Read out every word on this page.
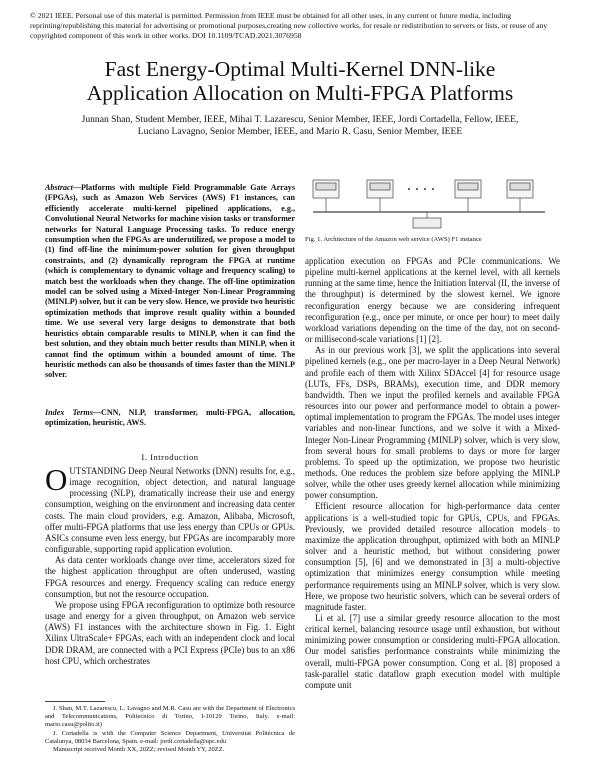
© 2021 IEEE. Personal use of this material is permitted. Permission from IEEE must be obtained for all other uses, in any current or future media, including reprinting/republishing this material for advertising or promotional purposes,creating new collective works, for resale or redistribution to servers or lists, or reuse of any copyrighted component of this work in other works. DOI 10.1109/TCAD.2021.3076958
Fast Energy-Optimal Multi-Kernel DNN-like
Application Allocation on Multi-FPGA Platforms
Junnan Shan, Student Member, IEEE, Mihai T. Lazarescu, Senior Member, IEEE, Jordi Cortadella, Fellow, IEEE,
Luciano Lavagno, Senior Member, IEEE, and Mario R. Casu, Senior Member, IEEE
Abstract—Platforms with multiple Field Programmable Gate Arrays (FPGAs), such as Amazon Web Services (AWS) F1 instances, can efficiently accelerate multi-kernel pipelined applications, e.g., Convolutional Neural Networks for machine vision tasks or transformer networks for Natural Language Processing tasks. To reduce energy consumption when the FPGAs are underutilized, we propose a model to (1) find off-line the minimum-power solution for given throughput constraints, and (2) dynamically reprogram the FPGA at runtime (which is complementary to dynamic voltage and frequency scaling) to match best the workloads when they change. The off-line optimization model can be solved using a Mixed-Integer Non-Linear Programming (MINLP) solver, but it can be very slow. Hence, we provide two heuristic optimization methods that improve result quality within a bounded time. We use several very large designs to demonstrate that both heuristics obtain comparable results to MINLP, when it can find the best solution, and they obtain much better results than MINLP, when it cannot find the optimum within a bounded amount of time. The heuristic methods can also be thousands of times faster than the MINLP solver.
Index Terms—CNN, NLP, transformer, multi-FPGA, allocation, optimization, heuristic, AWS.
I. Introduction

OUTSTANDING Deep Neural Networks (DNN) results for, e.g., image recognition, object detection, and natural language processing (NLP), dramatically increase their use and energy consumption, weighing on the environment and increasing data center costs. The main cloud providers, e.g. Amazon, Alibaba, Microsoft, offer multi-FPGA platforms that use less energy than CPUs or GPUs. ASICs consume even less energy, but FPGAs are incomparably more configurable, supporting rapid application evolution.

As data center workloads change over time, accelerators sized for the highest application throughput are often underused, wasting FPGA resources and energy. Frequency scaling can reduce energy consumption, but not the resource occupation.

We propose using FPGA reconfiguration to optimize both resource usage and energy for a given throughput, on Amazon web service (AWS) F1 instances with the architecture shown in Fig. 1. Eight Xilinx UltraScale+ FPGAs, each with an independent clock and local DDR DRAM, are connected with a PCI Express (PCIe) bus to an x86 host CPU, which orchestrates

J. Shan, M.T. Lazarescu, L. Lavagno and M.R. Casu are with the Department of Electronics and Telecommunications, Politecnico di Torino, I-10129 Torino, Italy. e-mail: mario.casu@polito.it)

J. Cortadella is with the Computer Science Department, Universitat Politècnica de Catalunya, 08034 Barcelona, Spain. e-mail: jordi.cortadella@upc.edu

Manuscript received Month XX, 20ZZ; revised Month YY, 20ZZ.

Fig. 1. Architecture of the Amazon web service (AWS) F1 instance

application execution on FPGAs and PCIe communications. We pipeline multi-kernel applications at the kernel level, with all kernels running at the same time, hence the Initiation Interval (II, the inverse of the throughput) is determined by the slowest kernel. We ignore reconfiguration energy because we are considering infrequent reconfiguration (e.g., once per minute, or once per hour) to meet daily workload variations depending on the time of the day, not on second- or millisecond-scale variations [1] [2].

As in our previous work [3], we split the applications into several pipelined kernels (e.g., one per macro-layer in a Deep Neural Network) and profile each of them with Xilinx SDAccel [4] for resource usage (LUTs, FFs, DSPs, BRAMs), execution time, and DDR memory bandwidth. Then we input the profiled kernels and available FPGA resources into our power and performance model to obtain a power-optimal implementation to program the FPGAs. The model uses integer variables and non-linear functions, and we solve it with a Mixed-Integer Non-Linear Programming (MINLP) solver, which is very slow, from several hours for small problems to days or more for larger problems. To speed up the optimization, we propose two heuristic methods. One reduces the problem size before applying the MINLP solver, while the other uses greedy kernel allocation while minimizing power consumption.

Efficient resource allocation for high-performance data center applications is a well-studied topic for GPUs, CPUs, and FPGAs. Previously, we provided detailed resource allocation models to maximize the application throughput, optimized with both an MINLP solver and a heuristic method, but without considering power consumption [5], [6] and we demonstrated in [3] a multi-objective optimization that minimizes energy consumption while meeting performance requirements using an MINLP solver, which is very slow. Here, we propose two heuristic solvers, which can be several orders of magnitude faster.

Li et al. [7] use a similar greedy resource allocation to the most critical kernel, balancing resource usage until exhaustion, but without minimizing power consumption or considering multi-FPGA allocation. Our model satisfies performance constraints while minimizing the overall, multi-FPGA power consumption. Cong et al. [8] proposed a task-parallel static dataflow graph execution model with multiple compute unit
